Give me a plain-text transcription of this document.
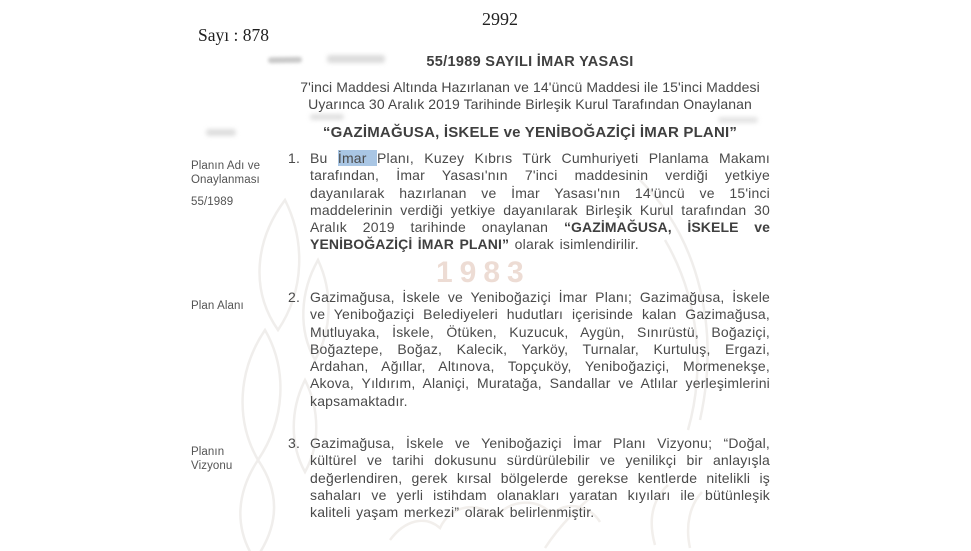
1983
2992
Sayı : 878
55/1989 SAYILI İMAR YASASI
7'inci Maddesi Altında Hazırlanan ve 14'üncü Maddesi ile 15'inci Maddesi
Uyarınca 30 Aralık 2019 Tarihinde Birleşik Kurul Tarafından Onaylanan
“GAZİMAĞUSA, İSKELE ve YENİBOĞAZİÇİ İMAR PLANI”
Planın Adı ve Onaylanması
55/1989
1. Bu İmar Planı, Kuzey Kıbrıs Türk Cumhuriyeti Planlama Makamı tarafından, İmar Yasası'nın 7'inci maddesinin verdiği yetkiye dayanılarak hazırlanan ve İmar Yasası'nın 14'üncü ve 15'inci maddelerinin verdiği yetkiye dayanılarak Birleşik Kurul tarafından 30 Aralık 2019 tarihinde onaylanan “GAZİMAĞUSA, İSKELE ve YENİBOĞAZİÇİ İMAR PLANI” olarak isimlendirilir.
Plan Alanı
2. Gazimağusa, İskele ve Yeniboğaziçi İmar Planı; Gazimağusa, İskele ve Yeniboğaziçi Belediyeleri hudutları içerisinde kalan Gazimağusa, Mutluyaka, İskele, Ötüken, Kuzucuk, Aygün, Sınırüstü, Boğaziçi, Boğaztepe, Boğaz, Kalecik, Yarköy, Turnalar, Kurtuluş, Ergazi, Ardahan, Ağıllar, Altınova, Topçuköy, Yeniboğaziçi, Mormenekşe, Akova, Yıldırım, Alaniçi, Muratağa, Sandallar ve Atlılar yerleşimlerini kapsamaktadır.
Planın Vizyonu
3. Gazimağusa, İskele ve Yeniboğaziçi İmar Planı Vizyonu; “Doğal, kültürel ve tarihi dokusunu sürdürülebilir ve yenilikçi bir anlayışla değerlendiren, gerek kırsal bölgelerde gerekse kentlerde nitelikli iş sahaları ve yerli istihdam olanakları yaratan kıyıları ile bütünleşik kaliteli yaşam merkezi” olarak belirlenmiştir.
